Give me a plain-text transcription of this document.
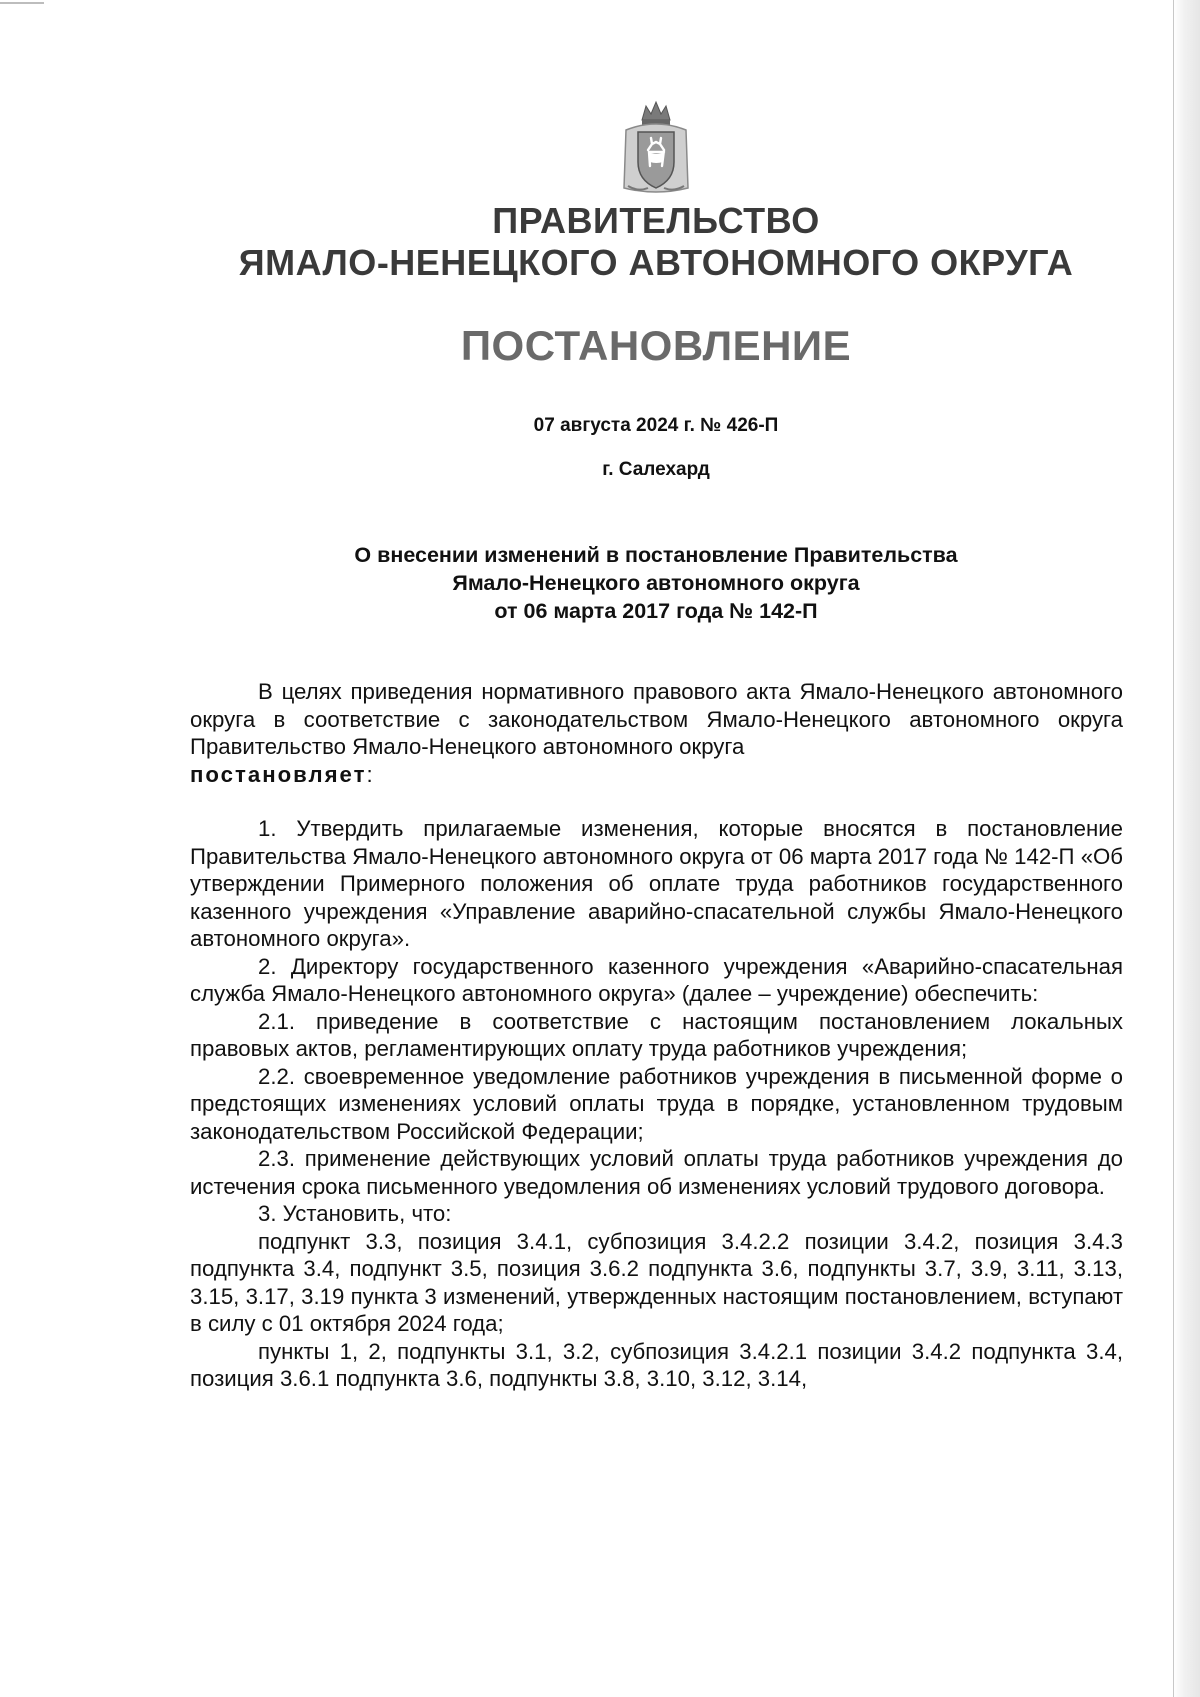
ПРАВИТЕЛЬСТВО
ЯМАЛО-НЕНЕЦКОГО АВТОНОМНОГО ОКРУГА
ПОСТАНОВЛЕНИЕ

07 августа 2024 г. № 426-П

г. Салехард

О внесении изменений в постановление Правительства
Ямало-Ненецкого автономного округа
от 06 марта 2017 года № 142-П

В целях приведения нормативного правового акта Ямало-Ненецкого автономного округа в соответствие с законодательством Ямало-Ненецкого автономного округа Правительство Ямало-Ненецкого автономного округа
постановляет:

1. Утвердить прилагаемые изменения, которые вносятся в постановление Правительства Ямало-Ненецкого автономного округа от 06 марта 2017 года № 142-П «Об утверждении Примерного положения об оплате труда работников государственного казенного учреждения «Управление аварийно-спасательной службы Ямало-Ненецкого автономного округа».

2. Директору государственного казенного учреждения «Аварийно-спасательная служба Ямало-Ненецкого автономного округа» (далее – учреждение) обеспечить:

2.1. приведение в соответствие с настоящим постановлением локальных правовых актов, регламентирующих оплату труда работников учреждения;

2.2. своевременное уведомление работников учреждения в письменной форме о предстоящих изменениях условий оплаты труда в порядке, установленном трудовым законодательством Российской Федерации;

2.3. применение действующих условий оплаты труда работников учреждения до истечения срока письменного уведомления об изменениях условий трудового договора.

3. Установить, что:

подпункт 3.3, позиция 3.4.1, субпозиция 3.4.2.2 позиции 3.4.2, позиция 3.4.3 подпункта 3.4, подпункт 3.5, позиция 3.6.2 подпункта 3.6, подпункты 3.7, 3.9, 3.11, 3.13, 3.15, 3.17, 3.19 пункта 3 изменений, утвержденных настоящим постановлением, вступают в силу с 01 октября 2024 года;

пункты 1, 2, подпункты 3.1, 3.2, субпозиция 3.4.2.1 позиции 3.4.2 подпункта 3.4, позиция 3.6.1 подпункта 3.6, подпункты 3.8, 3.10, 3.12, 3.14,
